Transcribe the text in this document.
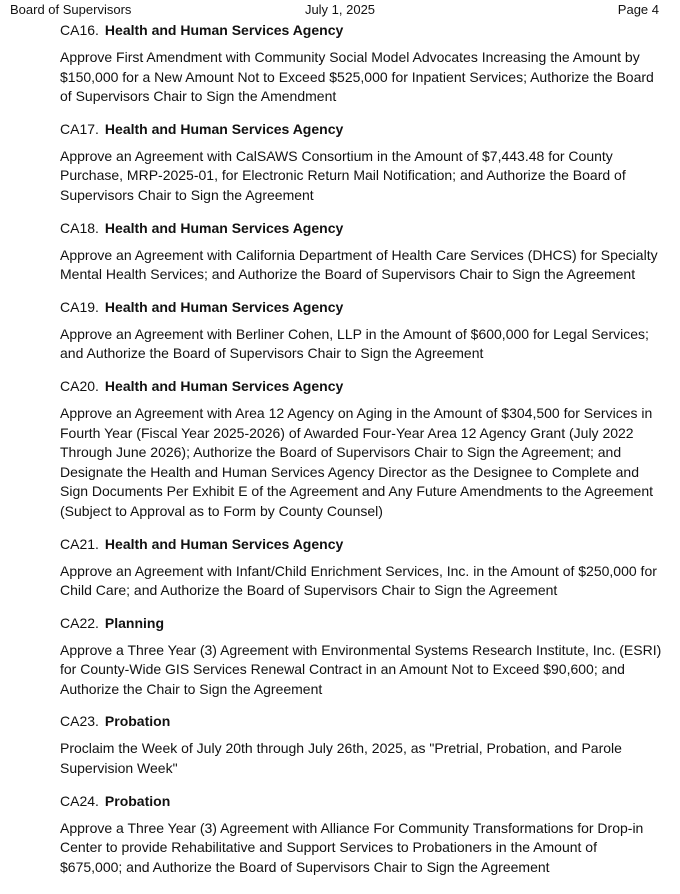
Board of Supervisors	July 1, 2025	Page 4

CA16. Health and Human Services Agency

Approve First Amendment with Community Social Model Advocates Increasing the Amount by $150,000 for a New Amount Not to Exceed $525,000 for Inpatient Services; Authorize the Board of Supervisors Chair to Sign the Amendment

CA17. Health and Human Services Agency

Approve an Agreement with CalSAWS Consortium in the Amount of $7,443.48 for County Purchase, MRP-2025-01, for Electronic Return Mail Notification; and Authorize the Board of Supervisors Chair to Sign the Agreement

CA18. Health and Human Services Agency

Approve an Agreement with California Department of Health Care Services (DHCS) for Specialty Mental Health Services; and Authorize the Board of Supervisors Chair to Sign the Agreement

CA19. Health and Human Services Agency

Approve an Agreement with Berliner Cohen, LLP in the Amount of $600,000 for Legal Services; and Authorize the Board of Supervisors Chair to Sign the Agreement

CA20. Health and Human Services Agency

Approve an Agreement with Area 12 Agency on Aging in the Amount of $304,500 for Services in Fourth Year (Fiscal Year 2025-2026) of Awarded Four-Year Area 12 Agency Grant (July 2022 Through June 2026); Authorize the Board of Supervisors Chair to Sign the Agreement; and Designate the Health and Human Services Agency Director as the Designee to Complete and Sign Documents Per Exhibit E of the Agreement and Any Future Amendments to the Agreement (Subject to Approval as to Form by County Counsel)

CA21. Health and Human Services Agency

Approve an Agreement with Infant/Child Enrichment Services, Inc. in the Amount of $250,000 for Child Care; and Authorize the Board of Supervisors Chair to Sign the Agreement

CA22. Planning

Approve a Three Year (3) Agreement with Environmental Systems Research Institute, Inc. (ESRI) for County-Wide GIS Services Renewal Contract in an Amount Not to Exceed $90,600; and Authorize the Chair to Sign the Agreement

CA23. Probation

Proclaim the Week of July 20th through July 26th, 2025, as "Pretrial, Probation, and Parole Supervision Week"

CA24. Probation

Approve a Three Year (3) Agreement with Alliance For Community Transformations for Drop-in Center to provide Rehabilitative and Support Services to Probationers in the Amount of $675,000; and Authorize the Board of Supervisors Chair to Sign the Agreement
